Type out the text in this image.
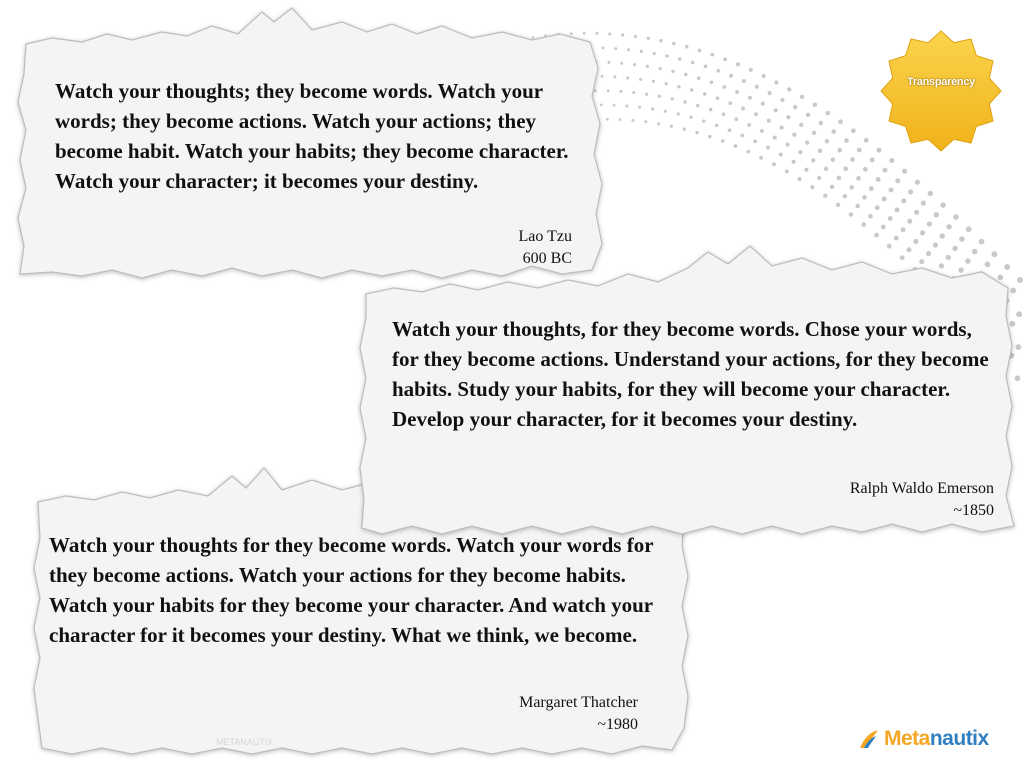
Watch your thoughts; they become words. Watch your words; they become actions. Watch your actions; they become habit. Watch your habits; they become character. Watch your character; it becomes your destiny.

Lao Tzu
600 BC

Watch your thoughts for they become words. Watch your words for they become actions. Watch your actions for they become habits. Watch your habits for they become your character. And watch your character for it becomes your destiny. What we think, we become.

Margaret Thatcher
~1980

Watch your thoughts, for they become words. Chose your words, for they become actions. Understand your actions, for they become habits. Study your habits, for they will become your character. Develop your character, for it becomes your destiny.

Ralph Waldo Emerson
~1850
Transparency
METANAUTIX	Metanautix
